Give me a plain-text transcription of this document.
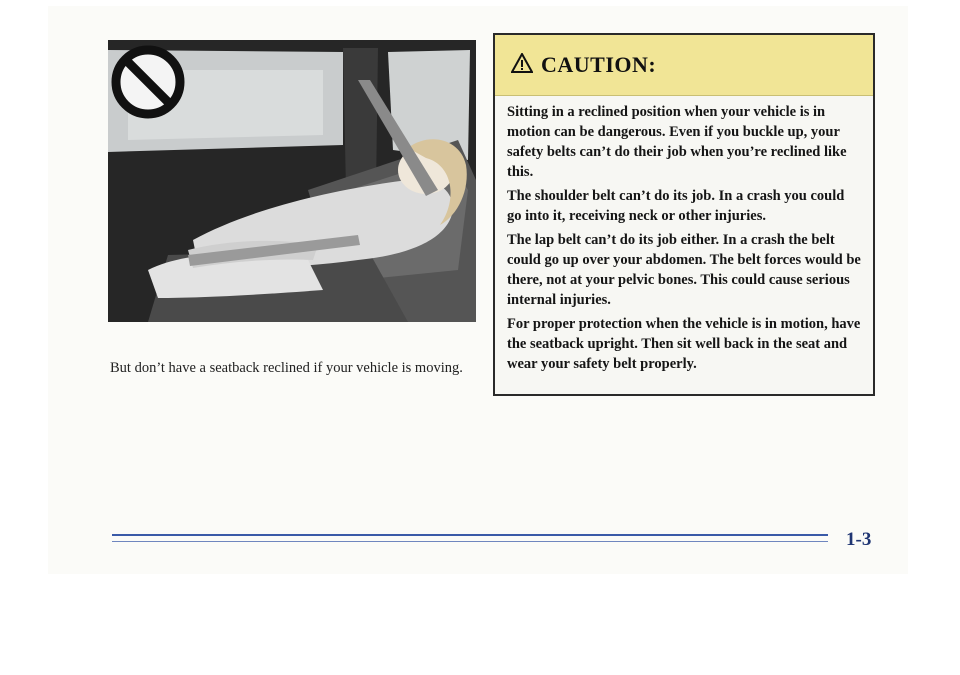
But don’t have a seatback reclined if your vehicle is moving.

CAUTION:

Sitting in a reclined position when your vehicle is in motion can be dangerous. Even if you buckle up, your safety belts can’t do their job when you’re reclined like this.

The shoulder belt can’t do its job. In a crash you could go into it, receiving neck or other injuries.

The lap belt can’t do its job either. In a crash the belt could go up over your abdomen. The belt forces would be there, not at your pelvic bones. This could cause serious internal injuries.

For proper protection when the vehicle is in motion, have the seatback upright. Then sit well back in the seat and wear your safety belt properly.

1-3
